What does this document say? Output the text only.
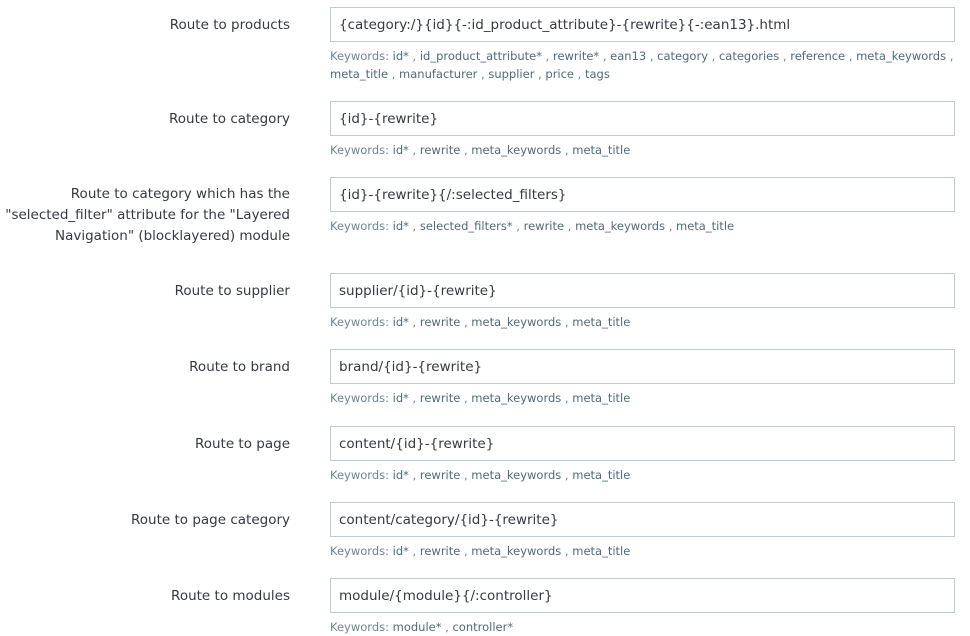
Route to products
{category:/}{id}{-:id_product_attribute}-{rewrite}{-:ean13}.html
Keywords: id* , id_product_attribute* , rewrite* , ean13 , category , categories , reference , meta_keywords , meta_title , manufacturer , supplier , price , tags
Route to category
{id}-{rewrite}
Keywords: id* , rewrite , meta_keywords , meta_title
Route to category which has the "selected_filter" attribute for the "Layered Navigation" (blocklayered) module
{id}-{rewrite}{/:selected_filters}
Keywords: id* , selected_filters* , rewrite , meta_keywords , meta_title
Route to supplier
supplier/{id}-{rewrite}
Keywords: id* , rewrite , meta_keywords , meta_title
Route to brand
brand/{id}-{rewrite}
Keywords: id* , rewrite , meta_keywords , meta_title
Route to page
content/{id}-{rewrite}
Keywords: id* , rewrite , meta_keywords , meta_title
Route to page category
content/category/{id}-{rewrite}
Keywords: id* , rewrite , meta_keywords , meta_title
Route to modules
module/{module}{/:controller}
Keywords: module* , controller*
